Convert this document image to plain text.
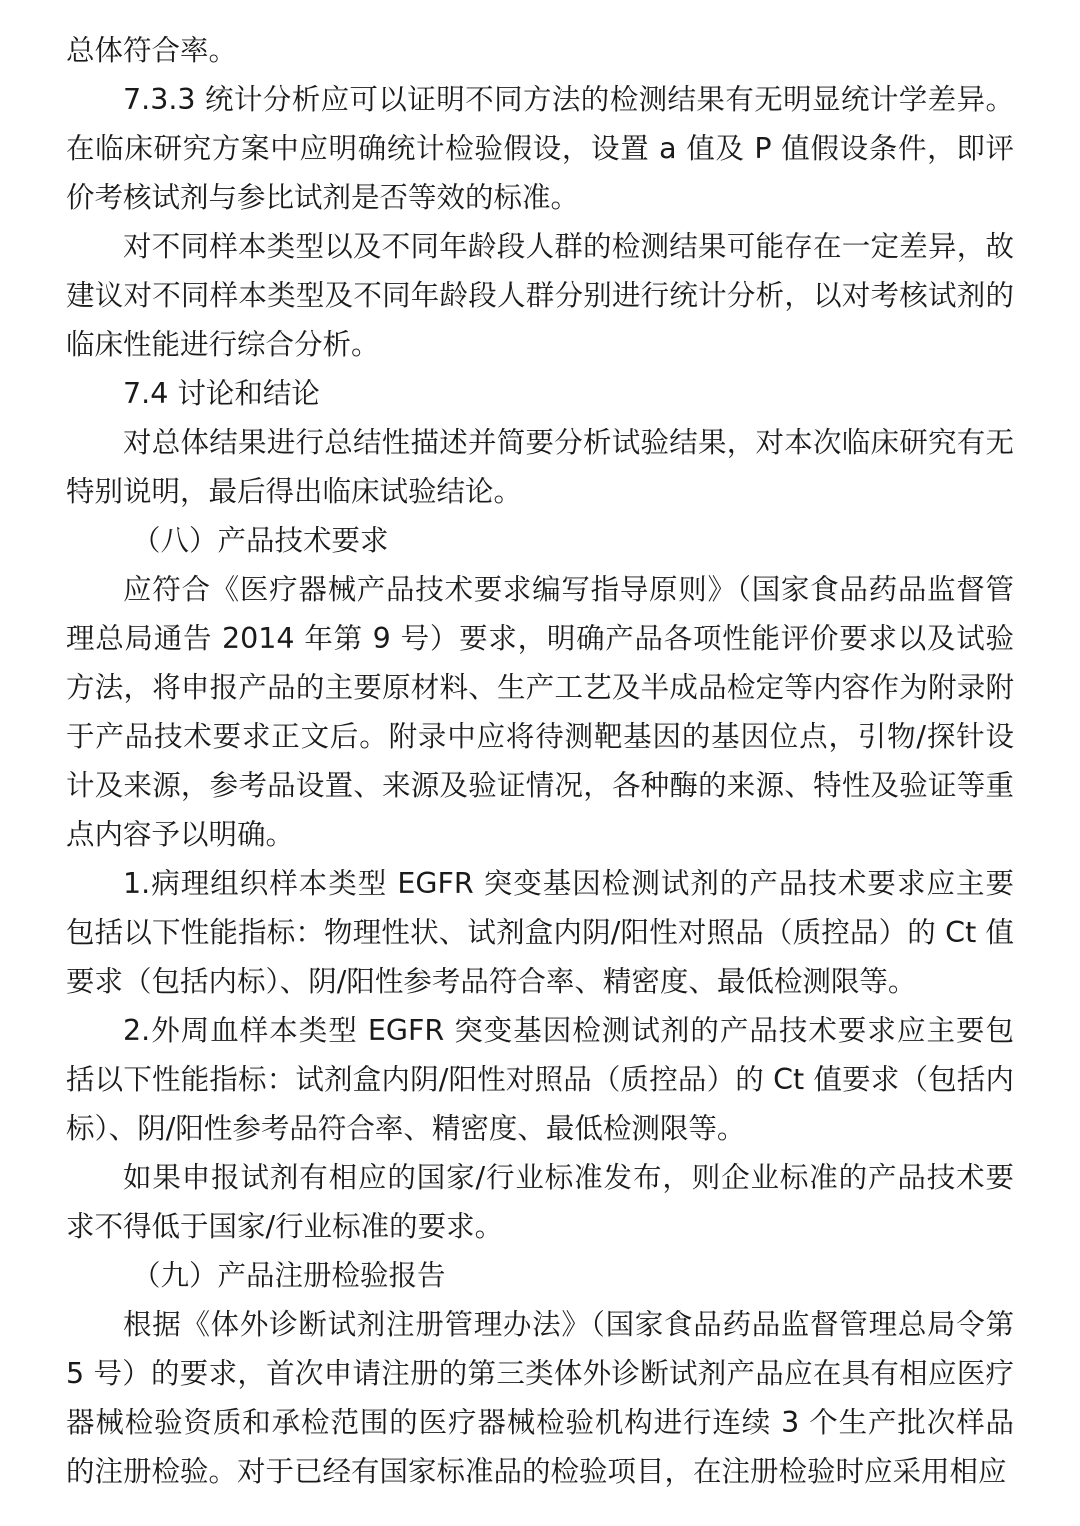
总体符合率。

7.3.3 统计分析应可以证明不同方法的检测结果有无明显统计学差异。在临床研究方案中应明确统计检验假设，设置 a 值及 P 值假设条件，即评价考核试剂与参比试剂是否等效的标准。

对不同样本类型以及不同年龄段人群的检测结果可能存在一定差异，故建议对不同样本类型及不同年龄段人群分别进行统计分析，以对考核试剂的临床性能进行综合分析。

7.4 讨论和结论

对总体结果进行总结性描述并简要分析试验结果，对本次临床研究有无特别说明，最后得出临床试验结论。

（八）产品技术要求

应符合《医疗器械产品技术要求编写指导原则》（国家食品药品监督管理总局通告 2014 年第 9 号）要求，明确产品各项性能评价要求以及试验方法，将申报产品的主要原材料、生产工艺及半成品检定等内容作为附录附于产品技术要求正文后。附录中应将待测靶基因的基因位点，引物/探针设计及来源，参考品设置、来源及验证情况，各种酶的来源、特性及验证等重点内容予以明确。

1.病理组织样本类型 EGFR 突变基因检测试剂的产品技术要求应主要包括以下性能指标：物理性状、试剂盒内阴/阳性对照品（质控品）的 Ct 值要求（包括内标）、阴/阳性参考品符合率、精密度、最低检测限等。

2.外周血样本类型 EGFR 突变基因检测试剂的产品技术要求应主要包括以下性能指标：试剂盒内阴/阳性对照品（质控品）的 Ct 值要求（包括内标）、阴/阳性参考品符合率、精密度、最低检测限等。

如果申报试剂有相应的国家/行业标准发布，则企业标准的产品技术要求不得低于国家/行业标准的要求。

（九）产品注册检验报告

根据《体外诊断试剂注册管理办法》（国家食品药品监督管理总局令第 5 号）的要求，首次申请注册的第三类体外诊断试剂产品应在具有相应医疗器械检验资质和承检范围的医疗器械检验机构进行连续 3 个生产批次样品的注册检验。对于已经有国家标准品的检验项目，在注册检验时应采用相应
